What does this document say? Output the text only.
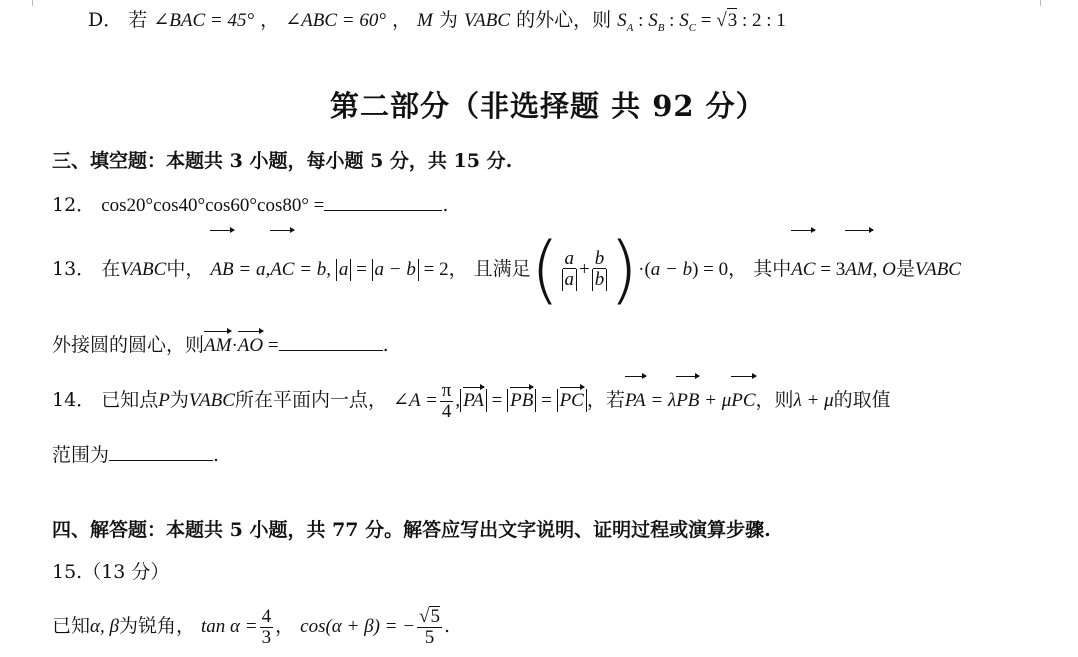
D． 若 ∠BAC = 45° ， ∠ABC = 60° ， M 为 VABC 的外心，则 $S_A$ : $S_B$ : $S_C = √3$ : 2 : 1
第二部分（非选择题 共 92 分）
三、填空题：本题共 3 小题，每小题 5 分，共 15 分.
12． cos20°cos40°cos60°cos80° =	.
13． 在VABC中， AB = a,AC = b, a = a − b = 2， 且满足( $\frac{a}{a} + \frac{b}{b} )\cdot(a - b) = 0$， 其中AC = 3AM, O是VABC
外接圆的圆心，则AM·AO =	.
14． 已知点P为VABC所在平面内一点， ∠A = $\frac{\pi}{4}$ , PA = PB = PC ，若PA = λPB + μPC，则λ + μ的取值
范围为	.
四、解答题：本题共 5 小题，共 77 分。解答应写出文字说明、证明过程或演算步骤.
15.（13 分）
已知α, β为锐角， $\tan \alpha = \frac{4}{3}$ ， cos(α + β) = − $\frac{√5}{5}$ .
